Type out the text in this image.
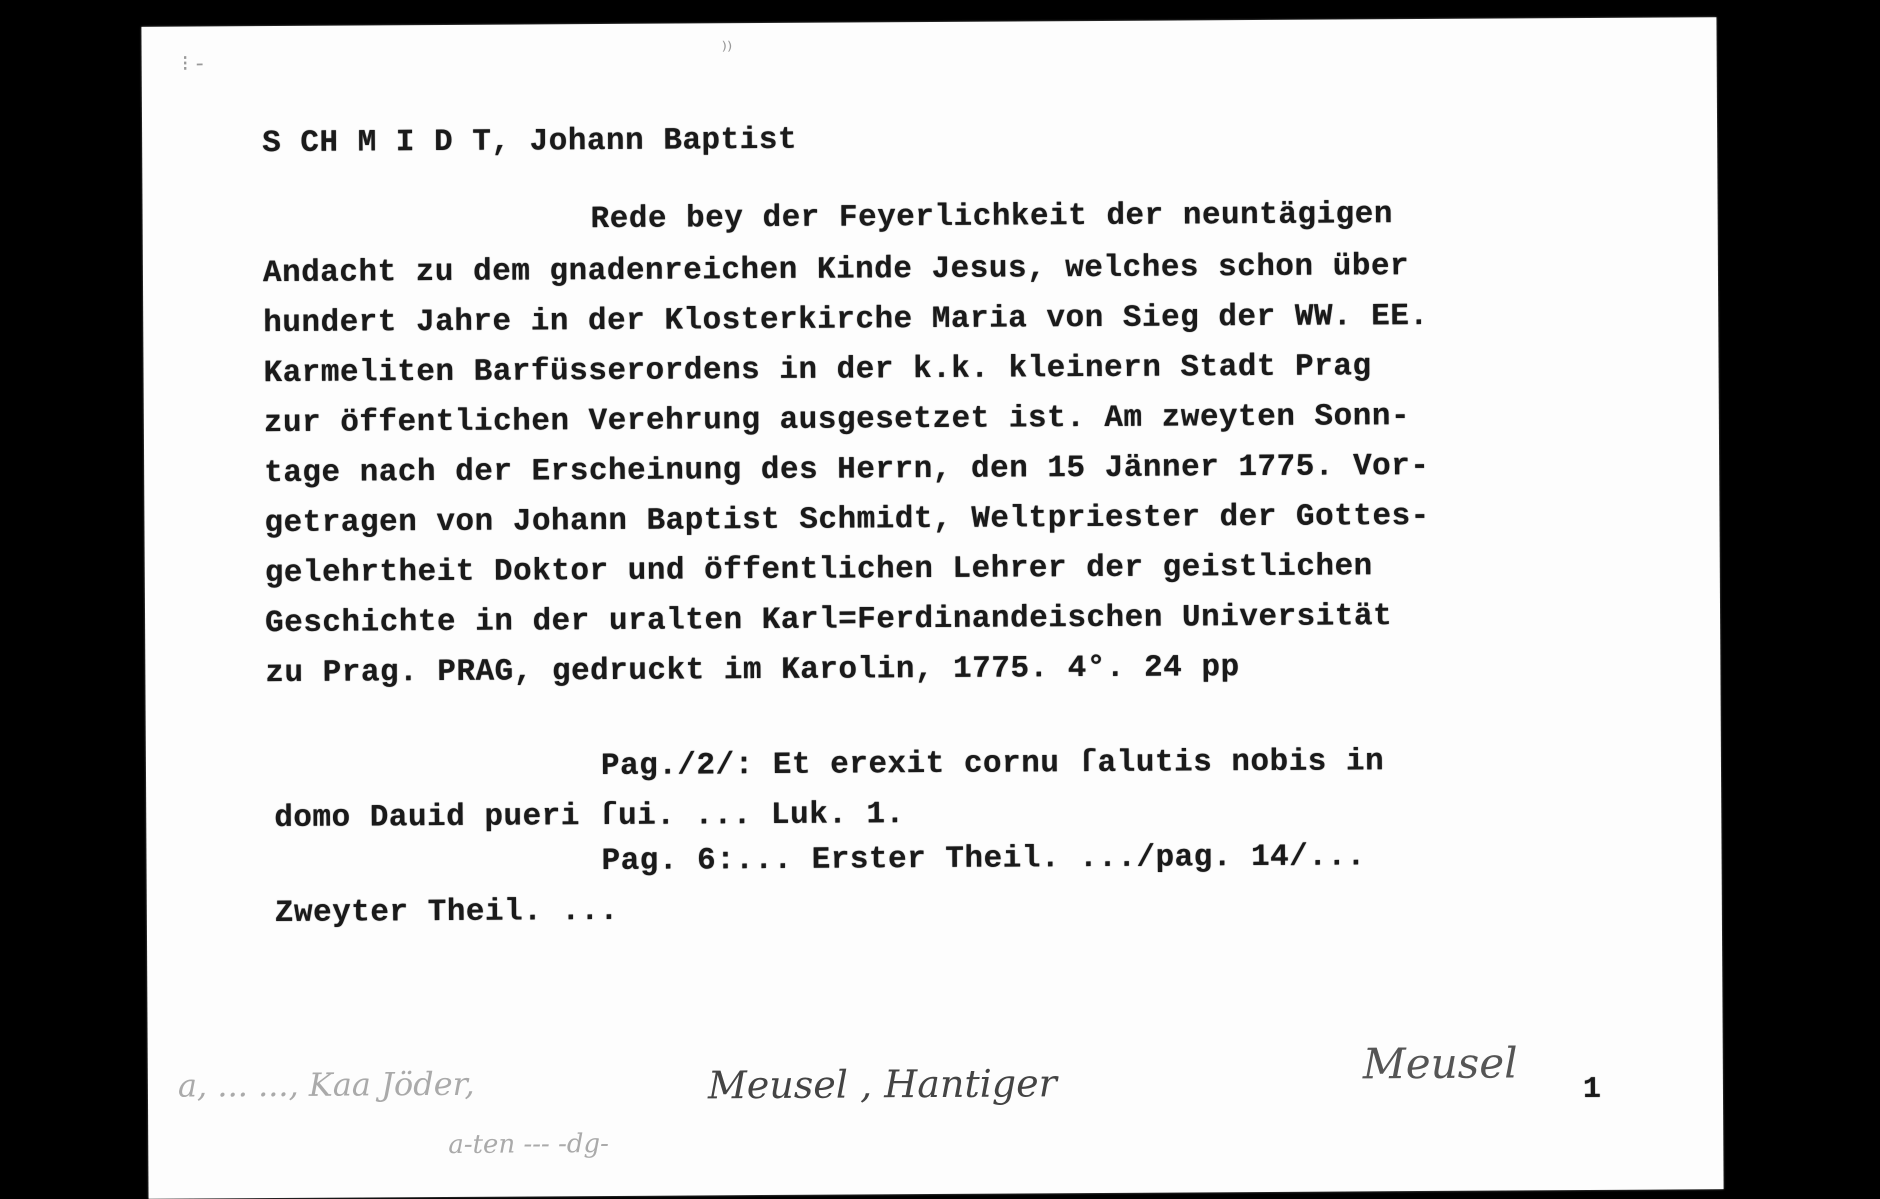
⁝ -
⁾⁾
S CH M I D T, Johann Baptist
Rede bey der Feyerlichkeit der neuntägigen
Andacht zu dem gnadenreichen Kinde Jesus, welches schon über
hundert Jahre in der Klosterkirche Maria von Sieg der WW. EE.
Karmeliten Barfüsserordens in der k.k. kleinern Stadt Prag
zur öffentlichen Verehrung ausgesetzet ist. Am zweyten Sonn-
tage nach der Erscheinung des Herrn, den 15 Jänner 1775. Vor-
getragen von Johann Baptist Schmidt, Weltpriester der Gottes-
gelehrtheit Doktor und öffentlichen Lehrer der geistlichen
Geschichte in der uralten Karl=Ferdinandeischen Universität
zu Prag. PRAG, gedruckt im Karolin, 1775. 4°. 24 pp
Pag./2/: Et erexit cornu ſalutis nobis in
domo Dauid pueri ſui. ... Luk. 1.
Pag. 6:... Erster Theil. .../pag. 14/...
Zweyter Theil. ...
a, ... ..., Kaa Jöder,
a-ten --- -dg-
Meusel , Hantiger	Meusel
1
